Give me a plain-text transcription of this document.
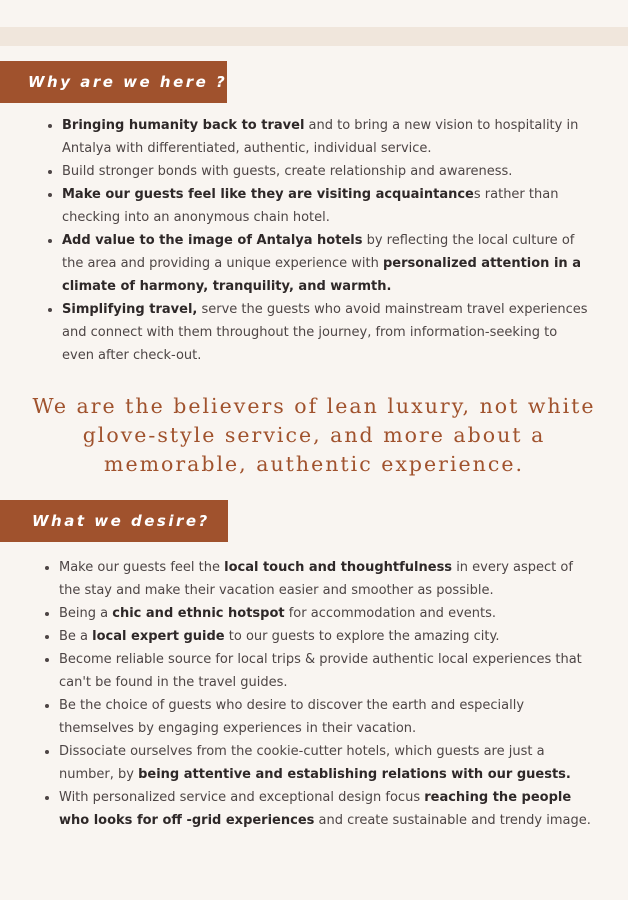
Why are we here ?
Bringing humanity back to travel and to bring a new vision to hospitality in Antalya with differentiated, authentic, individual service.
Build stronger bonds with guests, create relationship and awareness.
Make our guests feel like they are visiting acquaintances rather than checking into an anonymous chain hotel.
Add value to the image of Antalya hotels by reflecting the local culture of the area and providing a unique experience with personalized attention in a climate of harmony, tranquility, and warmth.
Simplifying travel, serve the guests who avoid mainstream travel experiences and connect with them throughout the journey, from information-seeking to even after check-out.

We are the believers of lean luxury, not white glove-style service, and more about a memorable, authentic experience.

What we desire?
Make our guests feel the local touch and thoughtfulness in every aspect of the stay and make their vacation easier and smoother as possible.
Being a chic and ethnic hotspot for accommodation and events.
Be a local expert guide to our guests to explore the amazing city.
Become reliable source for local trips & provide authentic local experiences that can't be found in the travel guides.
Be the choice of guests who desire to discover the earth and especially themselves by engaging experiences in their vacation.
Dissociate ourselves from the cookie-cutter hotels, which guests are just a number, by being attentive and establishing relations with our guests.
With personalized service and exceptional design focus reaching the people who looks for off -grid experiences and create sustainable and trendy image.
